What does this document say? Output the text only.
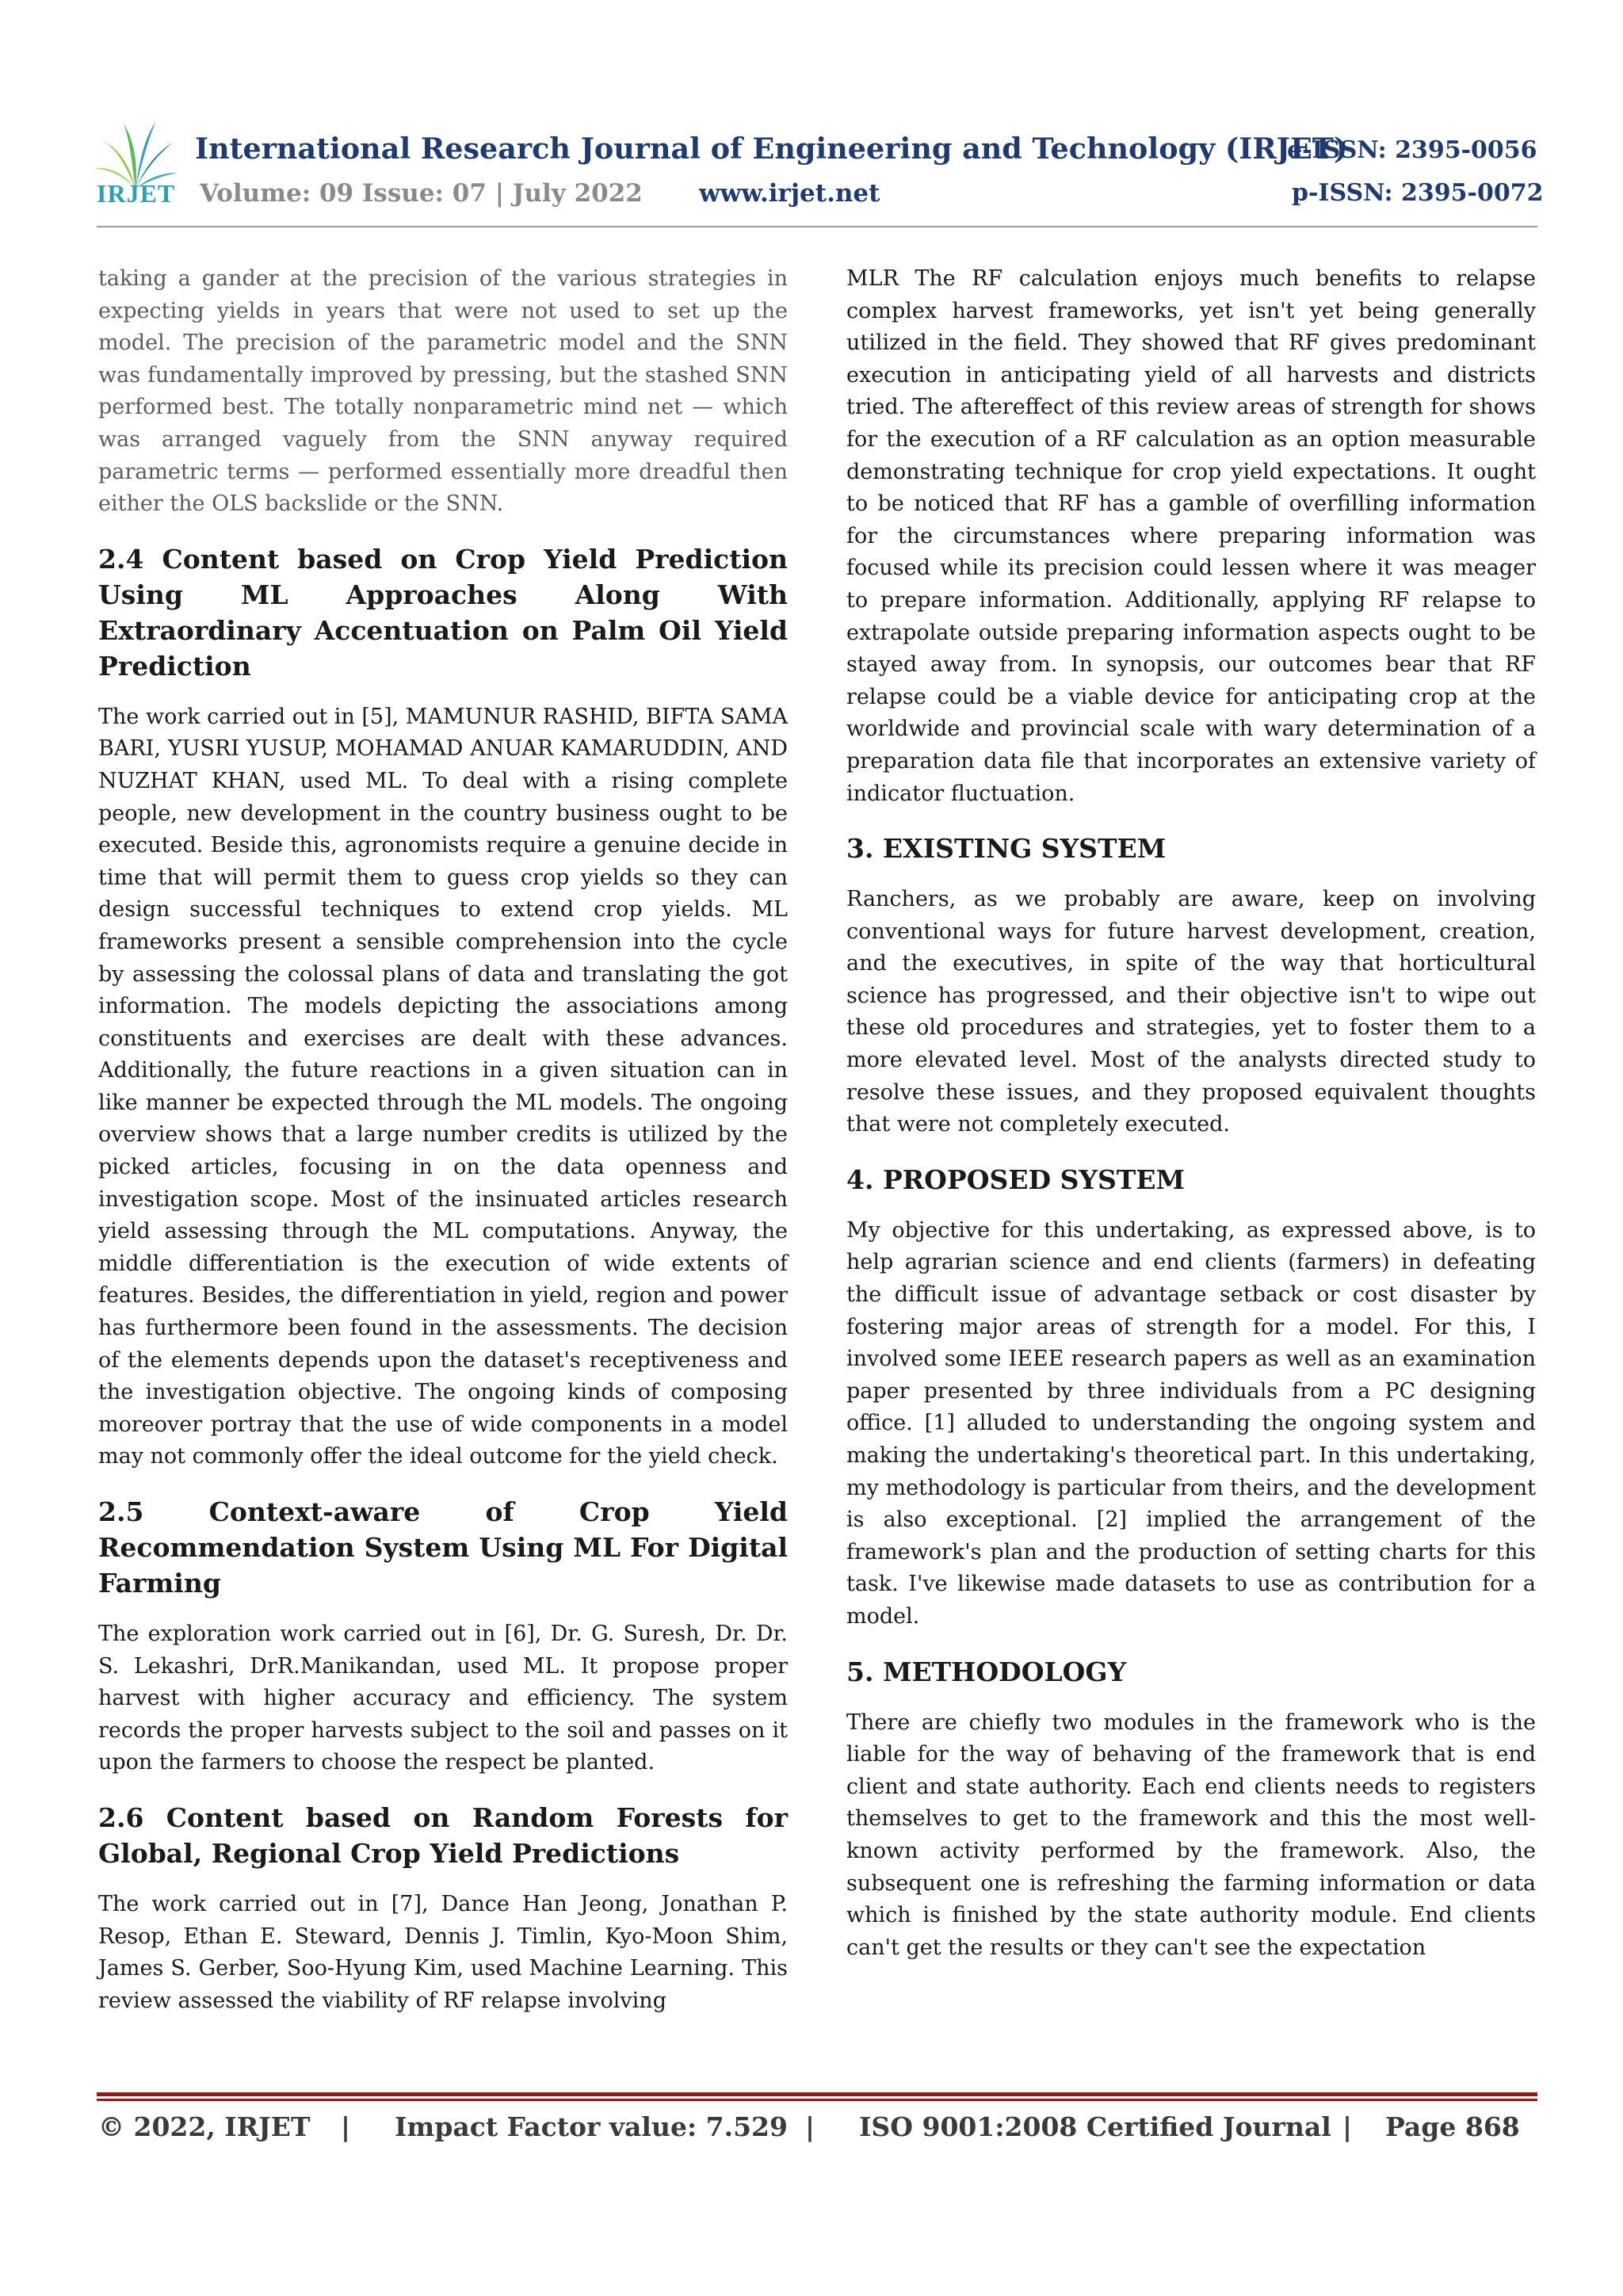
IRJET
International Research Journal of Engineering and Technology (IRJET)
e-ISSN: 2395-0056
Volume: 09 Issue: 07 | July 2022 www.irjet.net	p-ISSN: 2395-0072

taking a gander at the precision of the various strategies in expecting yields in years that were not used to set up the model. The precision of the parametric model and the SNN was fundamentally improved by pressing, but the stashed SNN performed best. The totally nonparametric mind net — which was arranged vaguely from the SNN anyway required parametric terms — performed essentially more dreadful then either the OLS backslide or the SNN.

2.4 Content based on Crop Yield Prediction Using ML Approaches Along With Extraordinary Accentuation on Palm Oil Yield Prediction

The work carried out in [5], MAMUNUR RASHID, BIFTA SAMA BARI, YUSRI YUSUP, MOHAMAD ANUAR KAMARUDDIN, AND NUZHAT KHAN, used ML. To deal with a rising complete people, new development in the country business ought to be executed. Beside this, agronomists require a genuine decide in time that will permit them to guess crop yields so they can design successful techniques to extend crop yields. ML frameworks present a sensible comprehension into the cycle by assessing the colossal plans of data and translating the got information. The models depicting the associations among constituents and exercises are dealt with these advances. Additionally, the future reactions in a given situation can in like manner be expected through the ML models. The ongoing overview shows that a large number credits is utilized by the picked articles, focusing in on the data openness and investigation scope. Most of the insinuated articles research yield assessing through the ML computations. Anyway, the middle differentiation is the execution of wide extents of features. Besides, the differentiation in yield, region and power has furthermore been found in the assessments. The decision of the elements depends upon the dataset's receptiveness and the investigation objective. The ongoing kinds of composing moreover portray that the use of wide components in a model may not commonly offer the ideal outcome for the yield check.

2.5 Context-aware of Crop Yield Recommendation System Using ML For Digital Farming

The exploration work carried out in [6], Dr. G. Suresh, Dr. Dr. S. Lekashri, DrR.Manikandan, used ML. It propose proper harvest with higher accuracy and efficiency. The system records the proper harvests subject to the soil and passes on it upon the farmers to choose the respect be planted.

2.6 Content based on Random Forests for Global, Regional Crop Yield Predictions

The work carried out in [7], Dance Han Jeong, Jonathan P. Resop, Ethan E. Steward, Dennis J. Timlin, Kyo-Moon Shim, James S. Gerber, Soo-Hyung Kim, used Machine Learning. This review assessed the viability of RF relapse involving

MLR The RF calculation enjoys much benefits to relapse complex harvest frameworks, yet isn't yet being generally utilized in the field. They showed that RF gives predominant execution in anticipating yield of all harvests and districts tried. The aftereffect of this review areas of strength for shows for the execution of a RF calculation as an option measurable demonstrating technique for crop yield expectations. It ought to be noticed that RF has a gamble of overfilling information for the circumstances where preparing information was focused while its precision could lessen where it was meager to prepare information. Additionally, applying RF relapse to extrapolate outside preparing information aspects ought to be stayed away from. In synopsis, our outcomes bear that RF relapse could be a viable device for anticipating crop at the worldwide and provincial scale with wary determination of a preparation data file that incorporates an extensive variety of indicator fluctuation.

3. EXISTING SYSTEM

Ranchers, as we probably are aware, keep on involving conventional ways for future harvest development, creation, and the executives, in spite of the way that horticultural science has progressed, and their objective isn't to wipe out these old procedures and strategies, yet to foster them to a more elevated level. Most of the analysts directed study to resolve these issues, and they proposed equivalent thoughts that were not completely executed.

4. PROPOSED SYSTEM

My objective for this undertaking, as expressed above, is to help agrarian science and end clients (farmers) in defeating the difficult issue of advantage setback or cost disaster by fostering major areas of strength for a model. For this, I involved some IEEE research papers as well as an examination paper presented by three individuals from a PC designing office. [1] alluded to understanding the ongoing system and making the undertaking's theoretical part. In this undertaking, my methodology is particular from theirs, and the development is also exceptional. [2] implied the arrangement of the framework's plan and the production of setting charts for this task. I've likewise made datasets to use as contribution for a model.

5. METHODOLOGY

There are chiefly two modules in the framework who is the liable for the way of behaving of the framework that is end client and state authority. Each end clients needs to registers themselves to get to the framework and this the most well-known activity performed by the framework. Also, the subsequent one is refreshing the farming information or data which is finished by the state authority module. End clients can't get the results or they can't see the expectation

© 2022, IRJET | Impact Factor value: 7.529 | ISO 9001:2008 Certified Journal | Page 868
